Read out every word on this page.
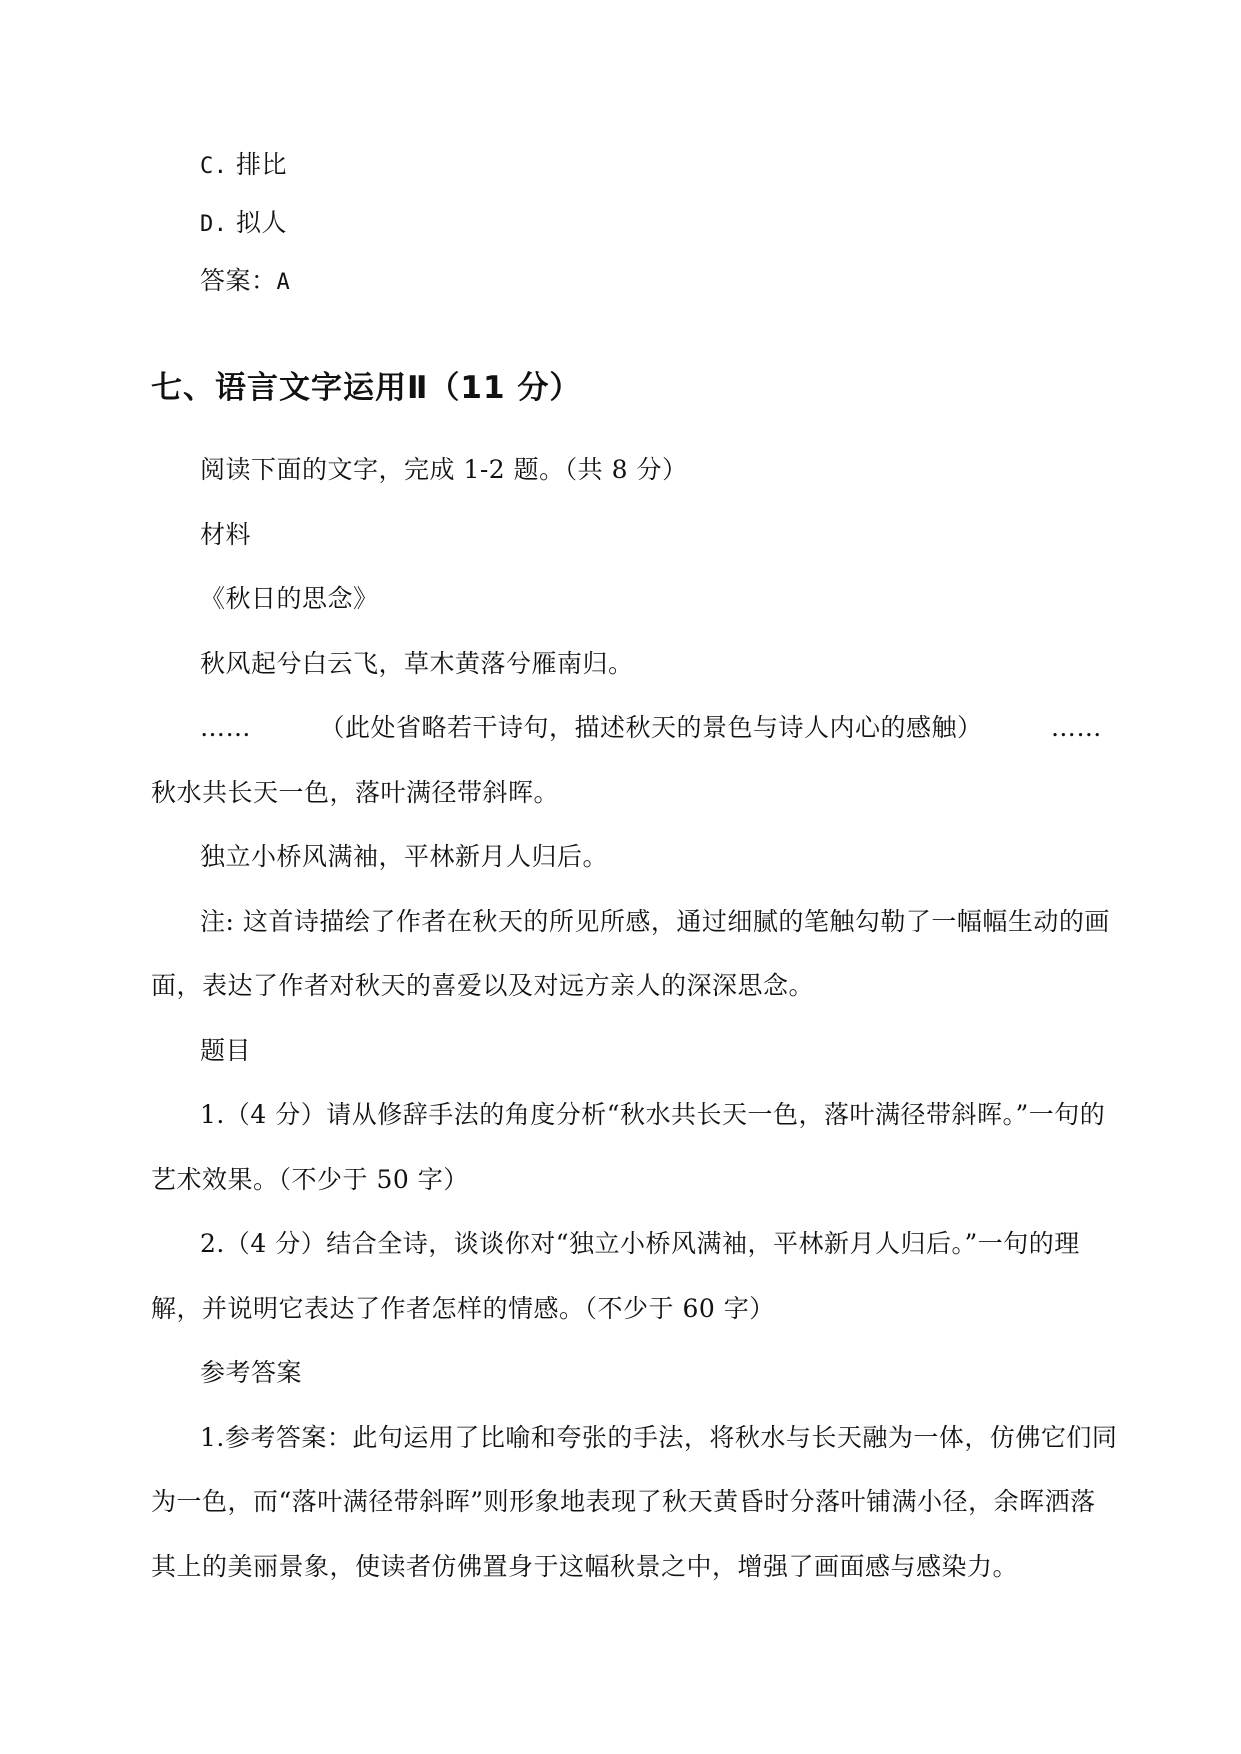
C. 排比
D. 拟人
答案：A
七、语言文字运用Ⅱ（11 分）
阅读下面的文字，完成 1-2 题。（共 8 分）
材料
《秋日的思念》
秋风起兮白云飞，草木黄落兮雁南归。
……	（此处省略若干诗句，描述秋天的景色与诗人内心的感触）	……
秋水共长天一色，落叶满径带斜晖。
独立小桥风满袖，平林新月人归后。
注: 这首诗描绘了作者在秋天的所见所感，通过细腻的笔触勾勒了一幅幅生动的画
面，表达了作者对秋天的喜爱以及对远方亲人的深深思念。
题目
1.（4 分）请从修辞手法的角度分析“秋水共长天一色，落叶满径带斜晖。”一句的
艺术效果。（不少于 50 字）
2.（4 分）结合全诗，谈谈你对“独立小桥风满袖，平林新月人归后。”一句的理
解，并说明它表达了作者怎样的情感。（不少于 60 字）
参考答案
1.参考答案：此句运用了比喻和夸张的手法，将秋水与长天融为一体，仿佛它们同
为一色，而“落叶满径带斜晖”则形象地表现了秋天黄昏时分落叶铺满小径，余晖洒落
其上的美丽景象，使读者仿佛置身于这幅秋景之中，增强了画面感与感染力。
